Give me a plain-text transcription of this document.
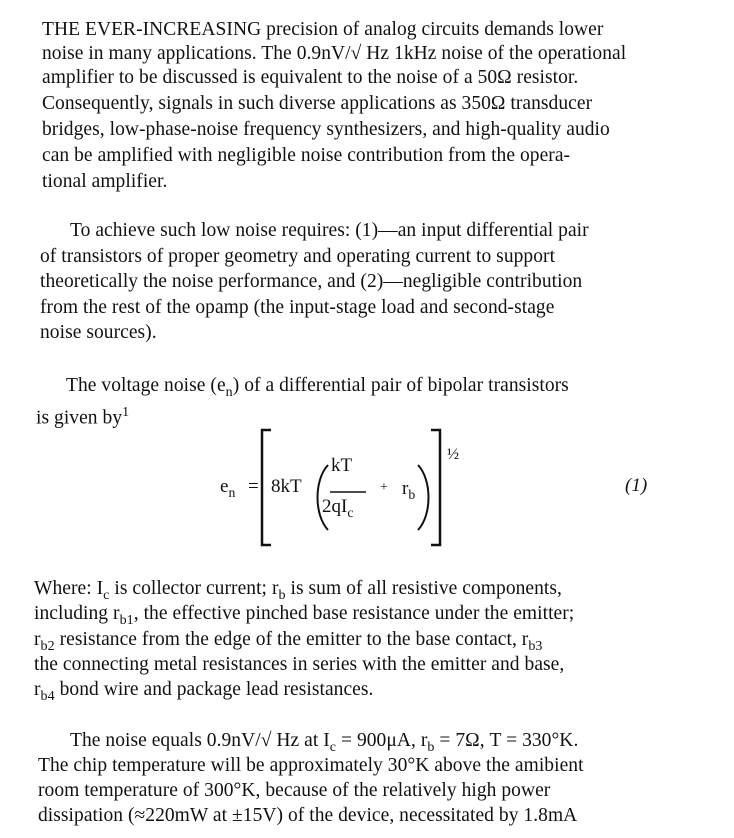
THE EVER-INCREASING precision of analog circuits demands lower
noise in many applications. The 0.9nV/√ Hz 1kHz noise of the operational
amplifier to be discussed is equivalent to the noise of a 50Ω resistor.
Consequently, signals in such diverse applications as 350Ω transducer
bridges, low-phase-noise frequency synthesizers, and high-quality audio
can be amplified with negligible noise contribution from the opera-
tional amplifier.
To achieve such low noise requires: (1)—an input differential pair
of transistors of proper geometry and operating current to support
theoretically the noise performance, and (2)—negligible contribution
from the rest of the opamp (the input-stage load and second-stage
noise sources).
The voltage noise $(e_n)$ of a differential pair of bipolar transistors
is given $by^1$
$e_n = 8kT$
kT
$2qI_c$
+ $r_b$
½
(1)
Where: $I_c$ is collector current; $r_b$ is sum of all resistive components,
including $r_{b1}$, the effective pinched base resistance under the emitter;
$r_{b2}$ resistance from the edge of the emitter to the base contact, $r_{b3}$
the connecting metal resistances in series with the emitter and base,
$r_{b4}$ bond wire and package lead resistances.
The noise equals 0.9nV/√ Hz at $I_c = 900\mu A$, $r_b = 7\Omega$, T = 330°K.
The chip temperature will be approximately 30°K above the amibient
room temperature of 300°K, because of the relatively high power
dissipation (≈220mW at ±15V) of the device, necessitated by 1.8mA
